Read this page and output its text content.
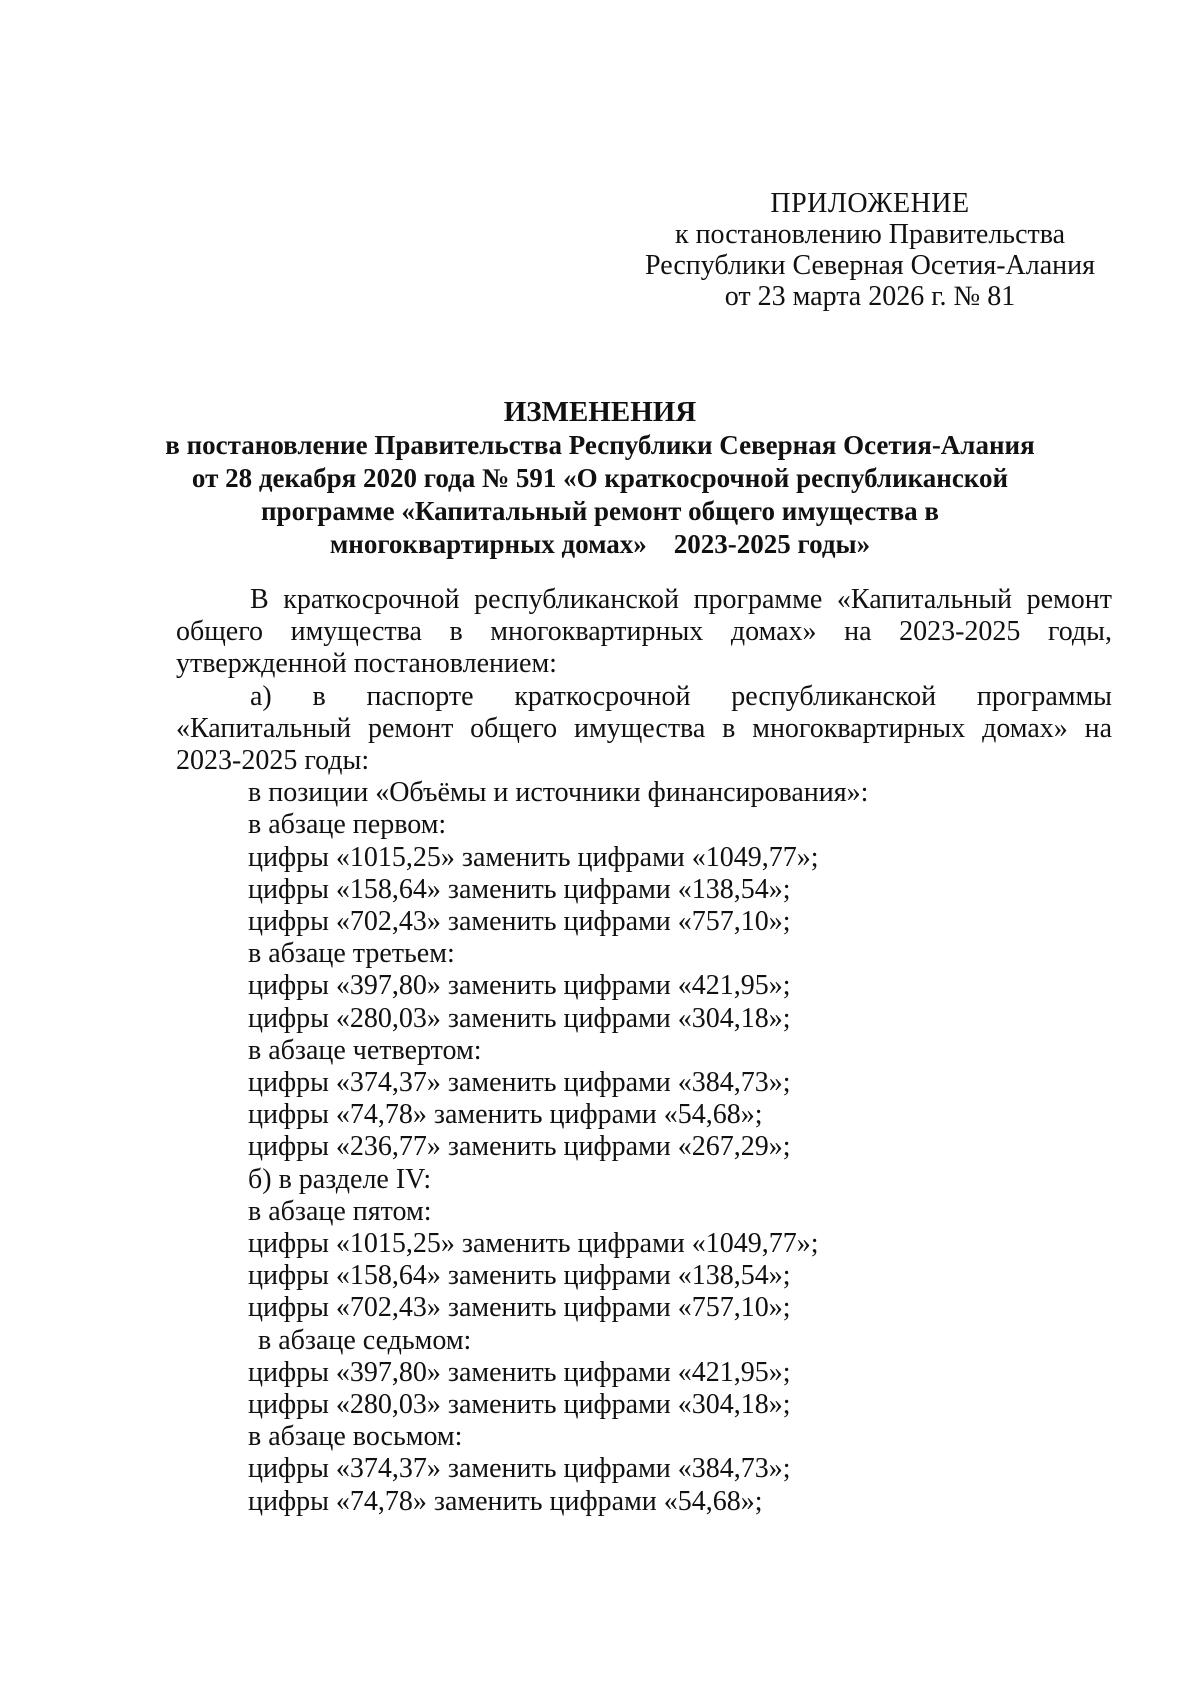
ПРИЛОЖЕНИЕ
к постановлению Правительства
Республики Северная Осетия-Алания
от 23 марта 2026 г. № 81
ИЗМЕНЕНИЯ
в постановление Правительства Республики Северная Осетия-Алания
от 28 декабря 2020 года № 591 «О краткосрочной республиканской
программе «Капитальный ремонт общего имущества в
многоквартирных домах»    2023-2025 годы»
В краткосрочной республиканской программе «Капитальный ремонт общего имущества в многоквартирных домах» на 2023-2025 годы, утвержденной постановлением:
а) в паспорте краткосрочной республиканской программы «Капитальный ремонт общего имущества в многоквартирных домах» на 2023-2025 годы:
в позиции «Объёмы и источники финансирования»:
в абзаце первом:
цифры «1015,25» заменить цифрами «1049,77»;
цифры «158,64» заменить цифрами «138,54»;
цифры «702,43» заменить цифрами «757,10»;
в абзаце третьем:
цифры «397,80» заменить цифрами «421,95»;
цифры «280,03» заменить цифрами «304,18»;
в абзаце четвертом:
цифры «374,37» заменить цифрами «384,73»;
цифры «74,78» заменить цифрами «54,68»;
цифры «236,77» заменить цифрами «267,29»;
б) в разделе IV:
в абзаце пятом:
цифры «1015,25» заменить цифрами «1049,77»;
цифры «158,64» заменить цифрами «138,54»;
цифры «702,43» заменить цифрами «757,10»;
в абзаце седьмом:
цифры «397,80» заменить цифрами «421,95»;
цифры «280,03» заменить цифрами «304,18»;
в абзаце восьмом:
цифры «374,37» заменить цифрами «384,73»;
цифры «74,78» заменить цифрами «54,68»;
